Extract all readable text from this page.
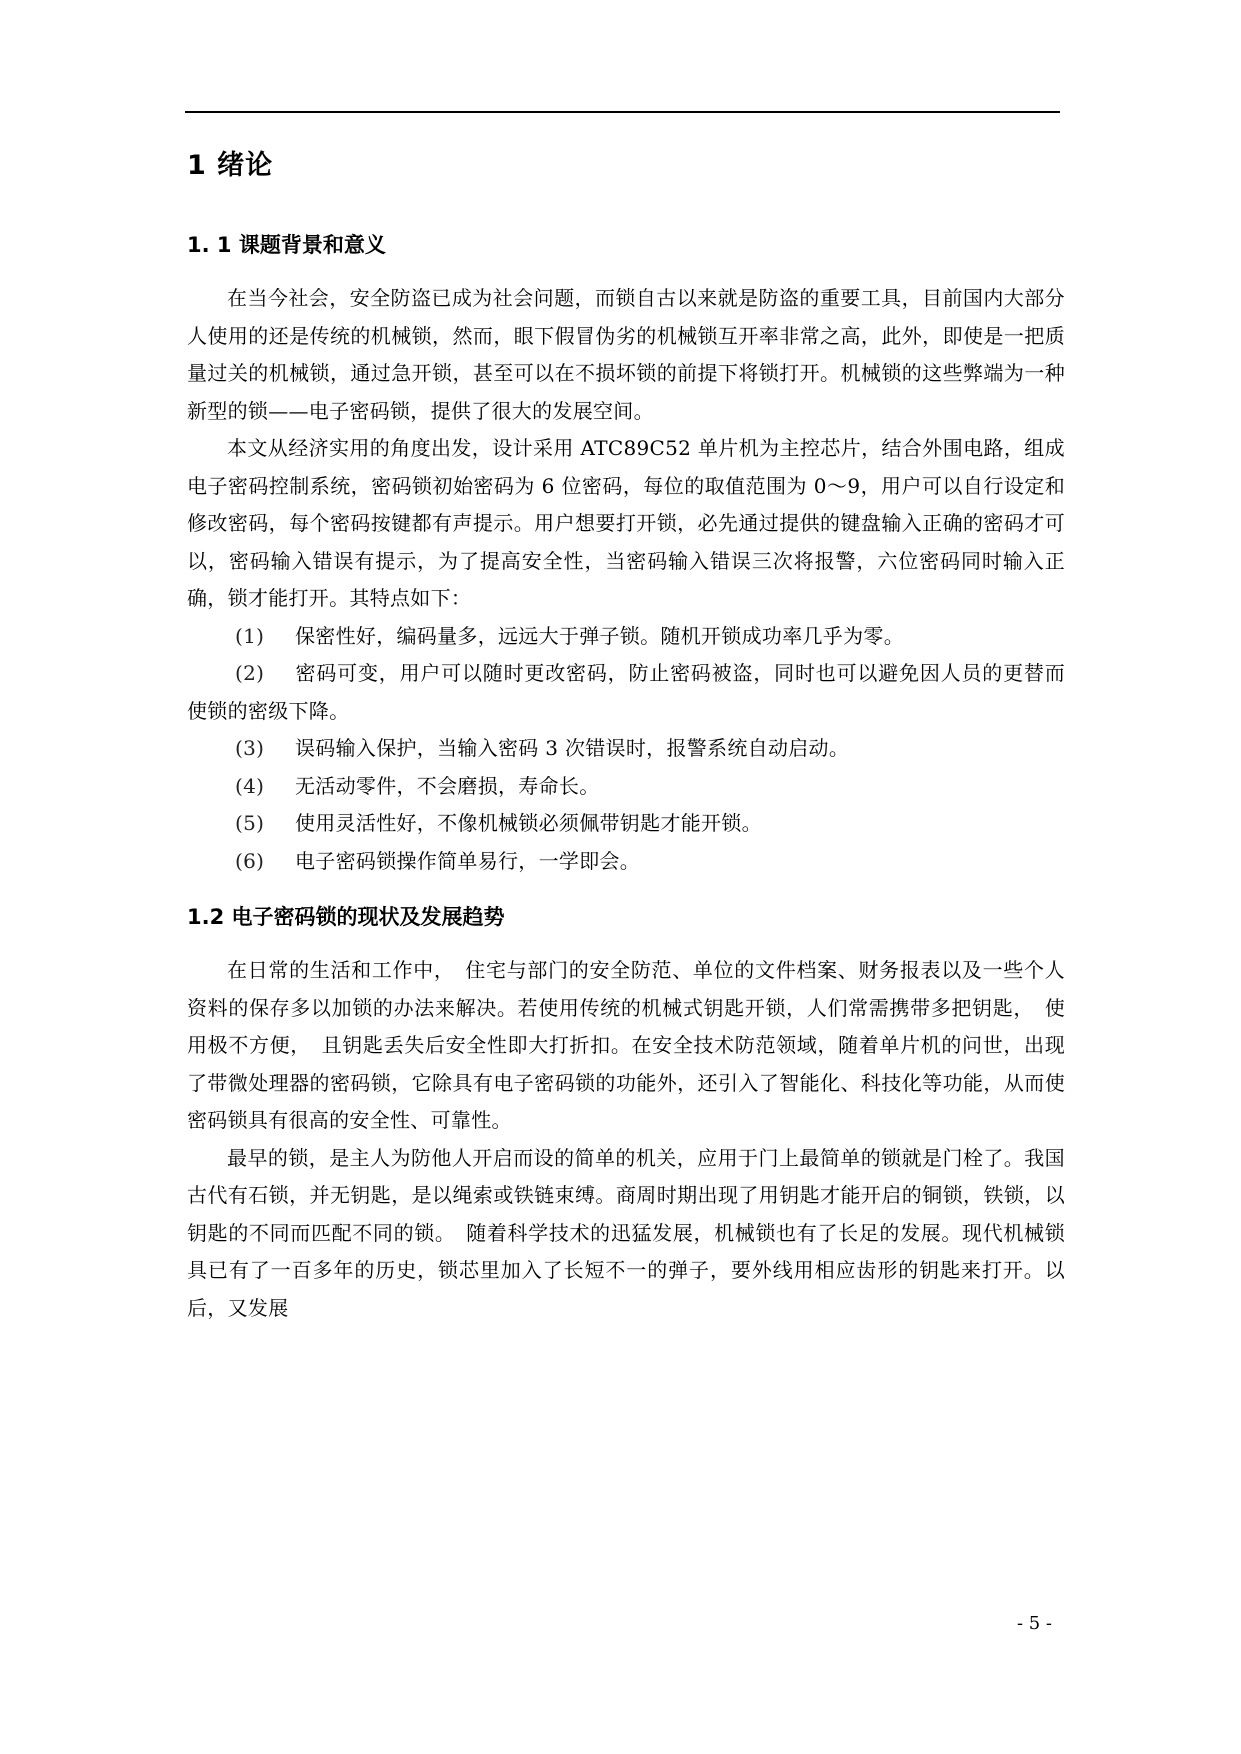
1 绪论
1. 1 课题背景和意义

在当今社会，安全防盗已成为社会问题，而锁自古以来就是防盗的重要工具，目前国内大部分人使用的还是传统的机械锁，然而，眼下假冒伪劣的机械锁互开率非常之高，此外，即使是一把质量过关的机械锁，通过急开锁，甚至可以在不损坏锁的前提下将锁打开。机械锁的这些弊端为一种新型的锁——电子密码锁，提供了很大的发展空间。

本文从经济实用的角度出发，设计采用 ATC89C52 单片机为主控芯片，结合外围电路，组成电子密码控制系统，密码锁初始密码为 6 位密码，每位的取值范围为 0～9，用户可以自行设定和修改密码，每个密码按键都有声提示。用户想要打开锁，必先通过提供的键盘输入正确的密码才可以，密码输入错误有提示，为了提高安全性，当密码输入错误三次将报警，六位密码同时输入正确，锁才能打开。其特点如下：

(1) 保密性好，编码量多，远远大于弹子锁。随机开锁成功率几乎为零。

(2) 密码可变，用户可以随时更改密码，防止密码被盗，同时也可以避免因人员的更替而使锁的密级下降。

(3) 误码输入保护，当输入密码 3 次错误时，报警系统自动启动。

(4) 无活动零件，不会磨损，寿命长。

(5) 使用灵活性好，不像机械锁必须佩带钥匙才能开锁。

(6) 电子密码锁操作简单易行，一学即会。

1.2 电子密码锁的现状及发展趋势

在日常的生活和工作中，　住宅与部门的安全防范、单位的文件档案、财务报表以及一些个人资料的保存多以加锁的办法来解决。若使用传统的机械式钥匙开锁，人们常需携带多把钥匙，　使用极不方便，　且钥匙丢失后安全性即大打折扣。在安全技术防范领域，随着单片机的问世，出现了带微处理器的密码锁，它除具有电子密码锁的功能外，还引入了智能化、科技化等功能，从而使密码锁具有很高的安全性、可靠性。

最早的锁，是主人为防他人开启而设的简单的机关，应用于门上最简单的锁就是门栓了。我国古代有石锁，并无钥匙，是以绳索或铁链束缚。商周时期出现了用钥匙才能开启的铜锁，铁锁，以钥匙的不同而匹配不同的锁。　随着科学技术的迅猛发展，机械锁也有了长足的发展。现代机械锁具已有了一百多年的历史，锁芯里加入了长短不一的弹子，要外线用相应齿形的钥匙来打开。以后，又发展

- 5 -
